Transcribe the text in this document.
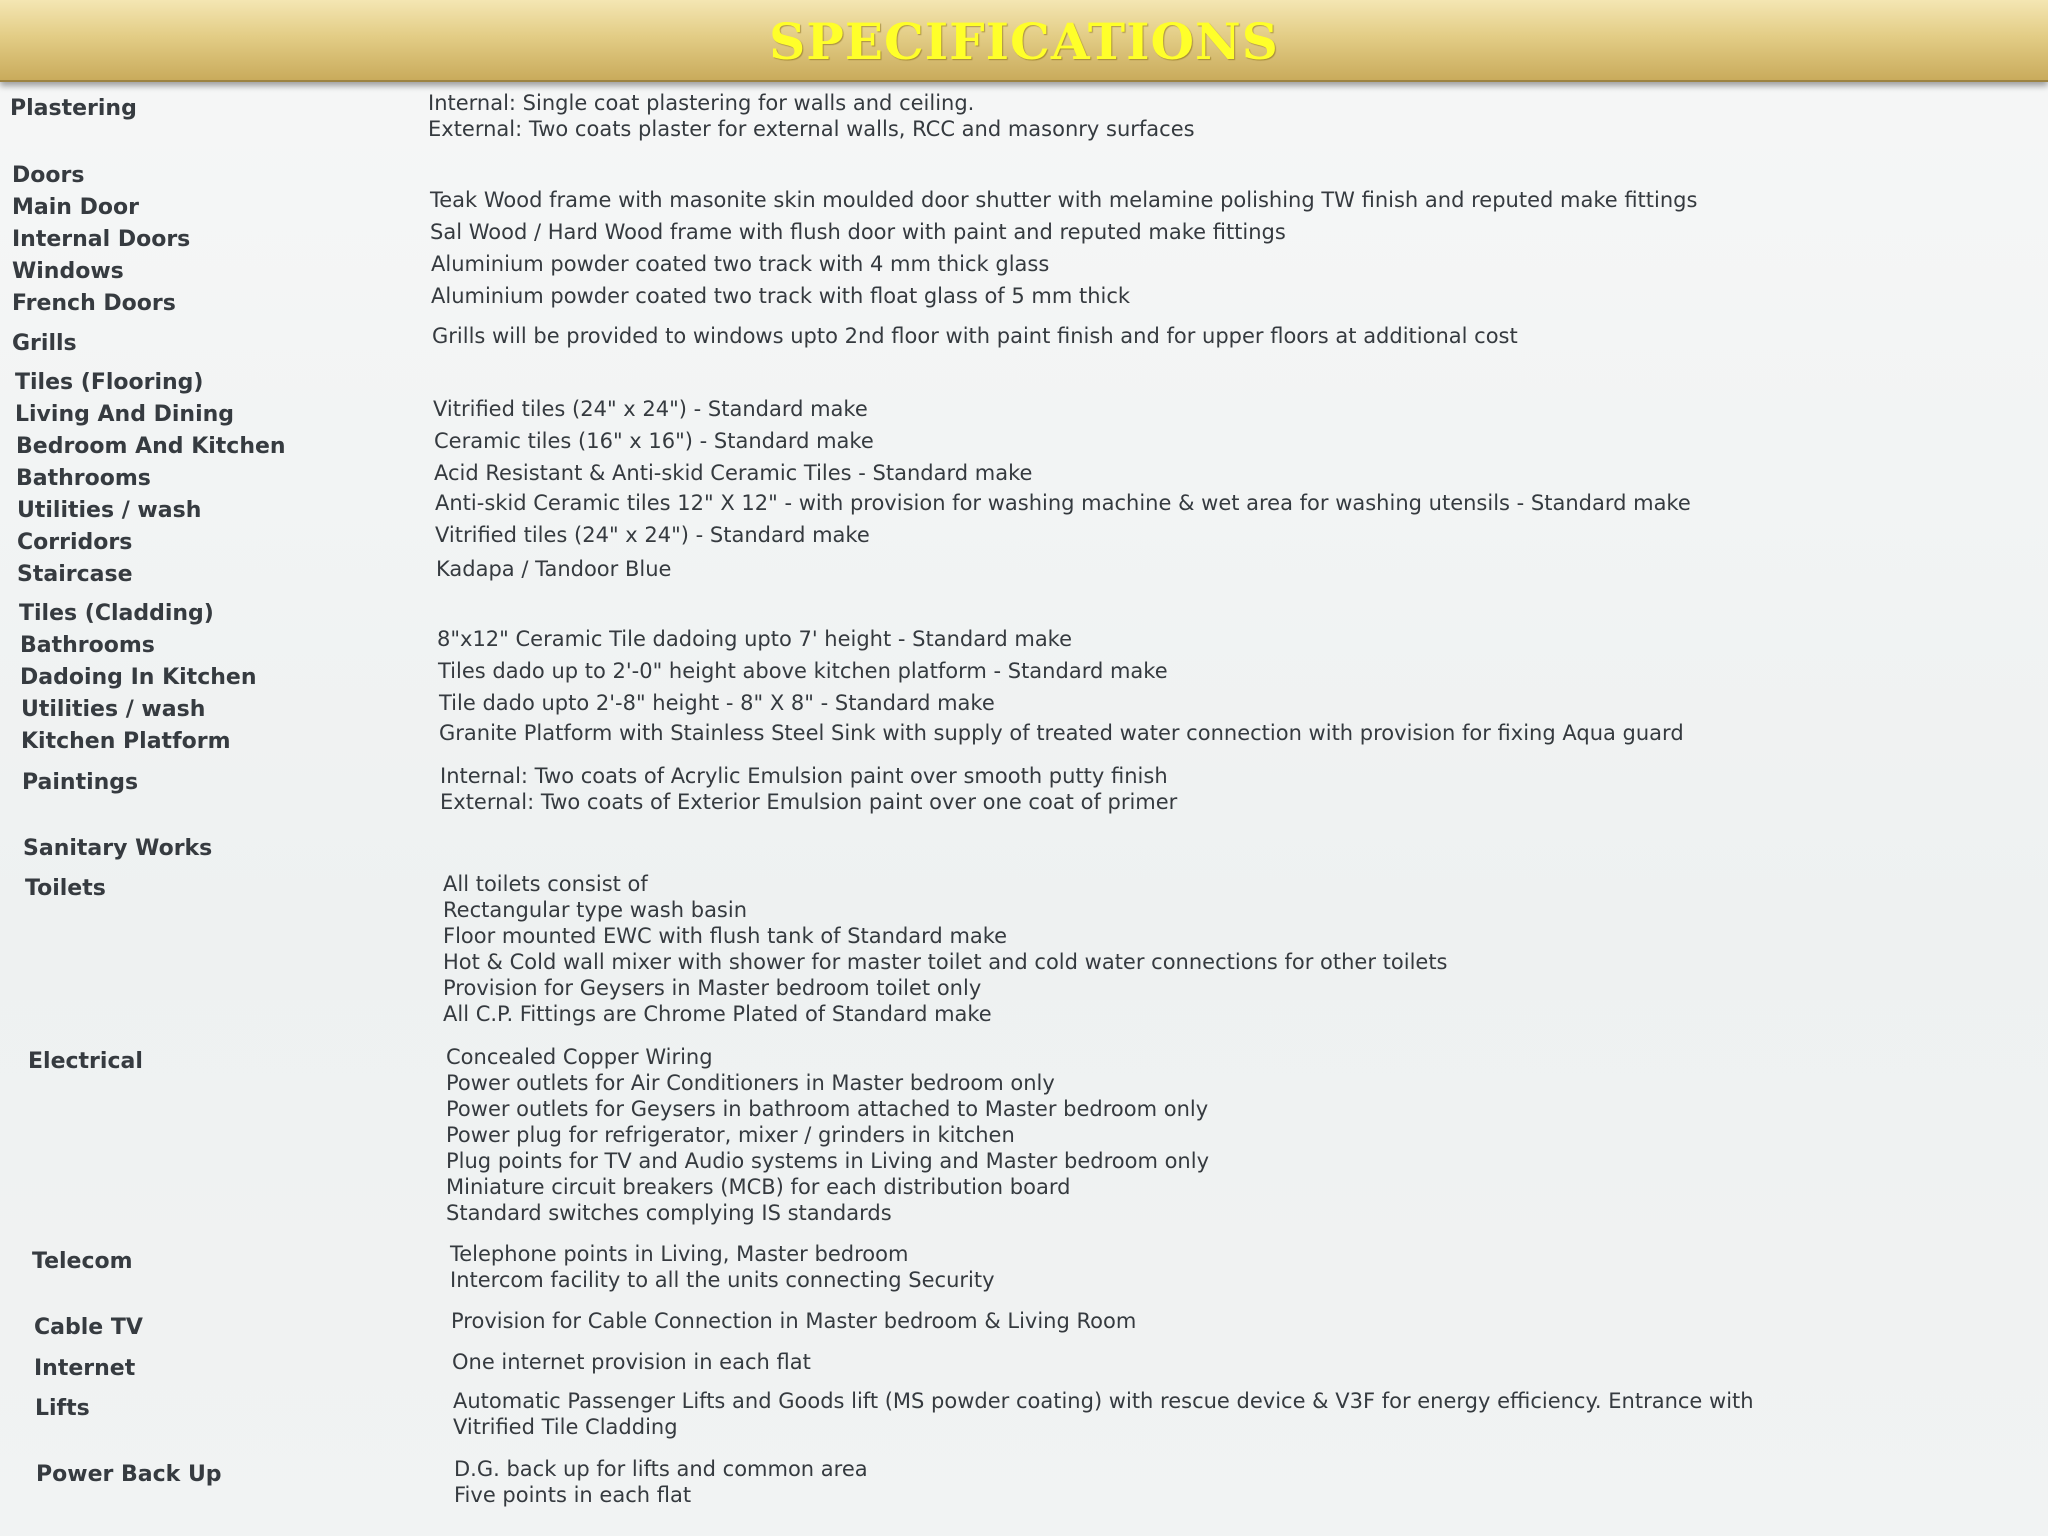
SPECIFICATIONS
Plastering
Doors
Main Door
Internal Doors
Windows
French Doors
Grills
Tiles (Flooring)
Living And Dining
Bedroom And Kitchen
Bathrooms
Utilities / wash
Corridors
Staircase
Tiles (Cladding)
Bathrooms
Dadoing In Kitchen
Utilities / wash
Kitchen Platform
Paintings
Sanitary Works
Toilets
Electrical
Telecom
Cable TV
Internet
Lifts
Power Back Up
Internal: Single coat plastering for walls and ceiling.
External: Two coats plaster for external walls, RCC and masonry surfaces
Teak Wood frame with masonite skin moulded door shutter with melamine polishing TW finish and reputed make fittings
Sal Wood / Hard Wood frame with flush door with paint and reputed make fittings
Aluminium powder coated two track with 4 mm thick glass
Aluminium powder coated two track with float glass of 5 mm thick
Grills will be provided to windows upto 2nd floor with paint finish and for upper floors at additional cost
Vitrified tiles (24" x 24") - Standard make
Ceramic tiles (16" x 16") - Standard make
Acid Resistant & Anti-skid Ceramic Tiles - Standard make
Anti-skid Ceramic tiles 12" X 12" - with provision for washing machine & wet area for washing utensils - Standard make
Vitrified tiles (24" x 24") - Standard make
Kadapa / Tandoor Blue
8"x12" Ceramic Tile dadoing upto 7' height - Standard make
Tiles dado up to 2'-0" height above kitchen platform - Standard make
Tile dado upto 2'-8" height - 8" X 8" - Standard make
Granite Platform with Stainless Steel Sink with supply of treated water connection with provision for fixing Aqua guard
Internal: Two coats of Acrylic Emulsion paint over smooth putty finish
External: Two coats of Exterior Emulsion paint over one coat of primer
All toilets consist of
Rectangular type wash basin
Floor mounted EWC with flush tank of Standard make
Hot & Cold wall mixer with shower for master toilet and cold water connections for other toilets
Provision for Geysers in Master bedroom toilet only
All C.P. Fittings are Chrome Plated of Standard make
Concealed Copper Wiring
Power outlets for Air Conditioners in Master bedroom only
Power outlets for Geysers in bathroom attached to Master bedroom only
Power plug for refrigerator, mixer / grinders in kitchen
Plug points for TV and Audio systems in Living and Master bedroom only
Miniature circuit breakers (MCB) for each distribution board
Standard switches complying IS standards
Telephone points in Living, Master bedroom
Intercom facility to all the units connecting Security
Provision for Cable Connection in Master bedroom & Living Room
One internet provision in each flat
Automatic Passenger Lifts and Goods lift (MS powder coating) with rescue device & V3F for energy efficiency. Entrance with
Vitrified Tile Cladding
D.G. back up for lifts and common area
Five points in each flat
